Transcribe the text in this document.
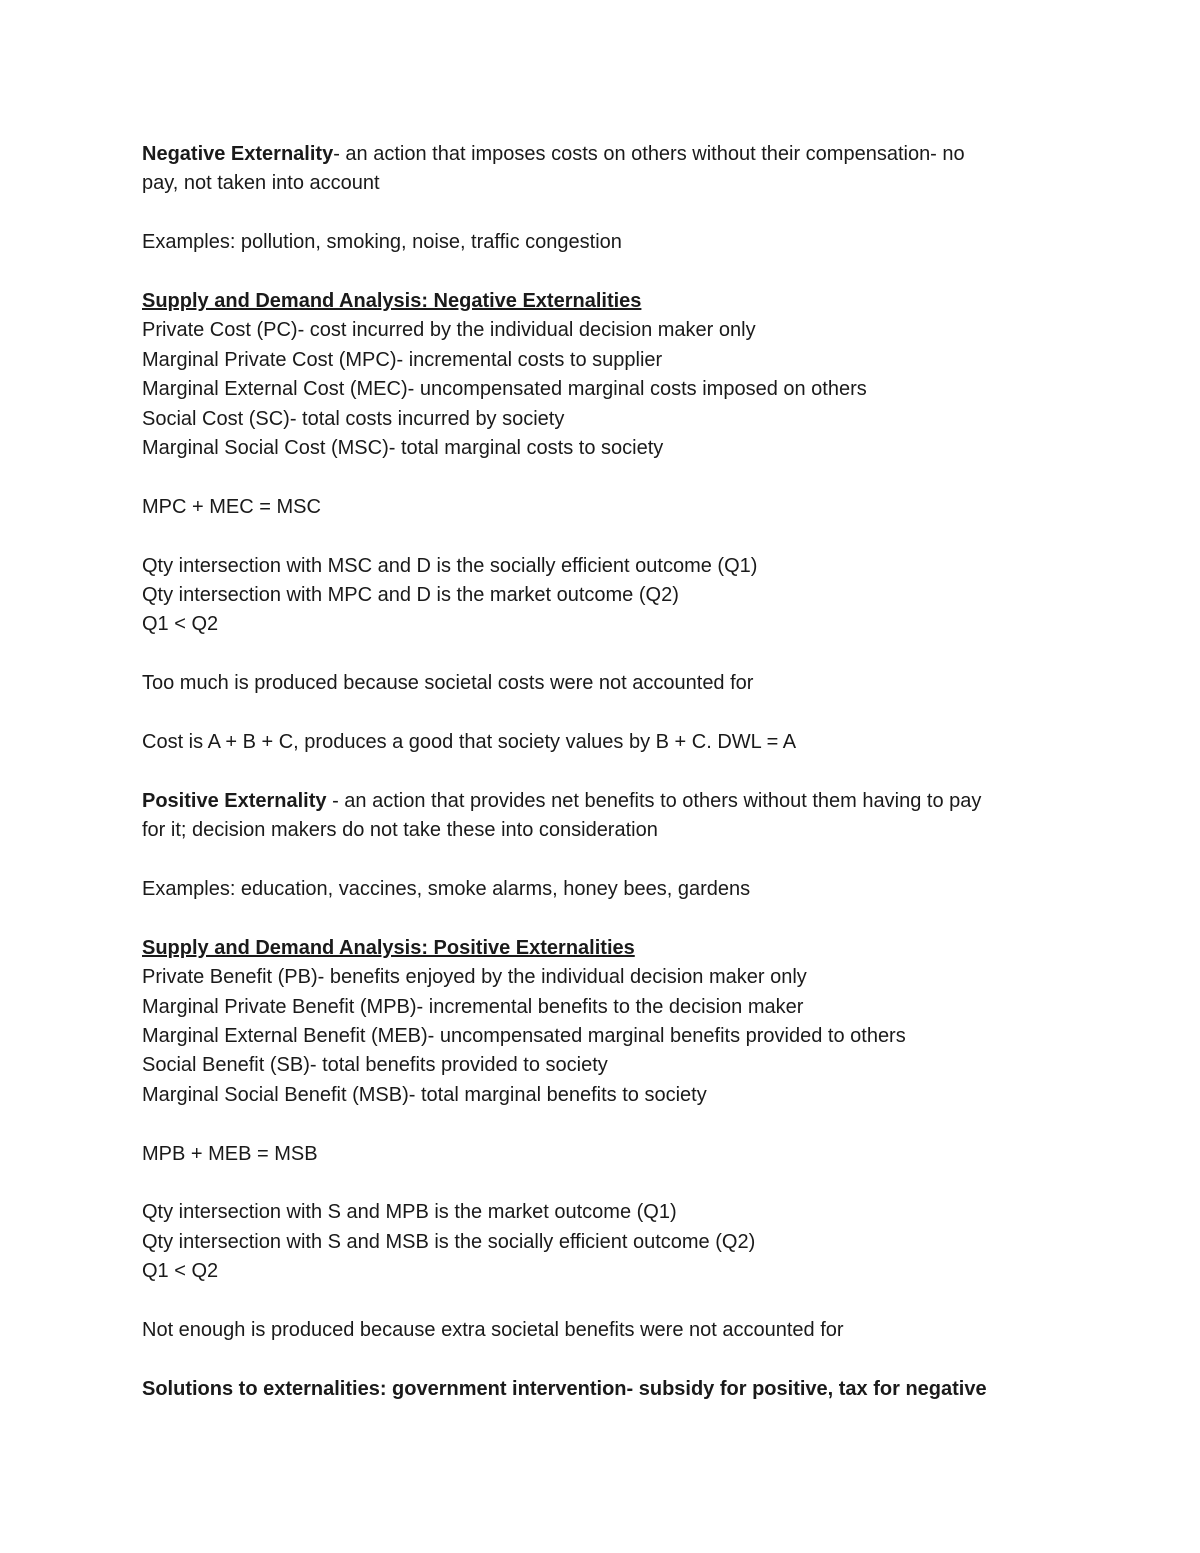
Negative Externality- an action that imposes costs on others without their compensation- no
pay, not taken into account
Examples: pollution, smoking, noise, traffic congestion
Supply and Demand Analysis: Negative Externalities
Private Cost (PC)- cost incurred by the individual decision maker only
Marginal Private Cost (MPC)- incremental costs to supplier
Marginal External Cost (MEC)- uncompensated marginal costs imposed on others
Social Cost (SC)- total costs incurred by society
Marginal Social Cost (MSC)- total marginal costs to society
MPC + MEC = MSC
Qty intersection with MSC and D is the socially efficient outcome (Q1)
Qty intersection with MPC and D is the market outcome (Q2)
Q1 < Q2
Too much is produced because societal costs were not accounted for
Cost is A + B + C, produces a good that society values by B + C. DWL = A
Positive Externality - an action that provides net benefits to others without them having to pay
for it; decision makers do not take these into consideration
Examples: education, vaccines, smoke alarms, honey bees, gardens
Supply and Demand Analysis: Positive Externalities
Private Benefit (PB)- benefits enjoyed by the individual decision maker only
Marginal Private Benefit (MPB)- incremental benefits to the decision maker
Marginal External Benefit (MEB)- uncompensated marginal benefits provided to others
Social Benefit (SB)- total benefits provided to society
Marginal Social Benefit (MSB)- total marginal benefits to society
MPB + MEB = MSB
Qty intersection with S and MPB is the market outcome (Q1)
Qty intersection with S and MSB is the socially efficient outcome (Q2)
Q1 < Q2
Not enough is produced because extra societal benefits were not accounted for
Solutions to externalities: government intervention- subsidy for positive, tax for negative
